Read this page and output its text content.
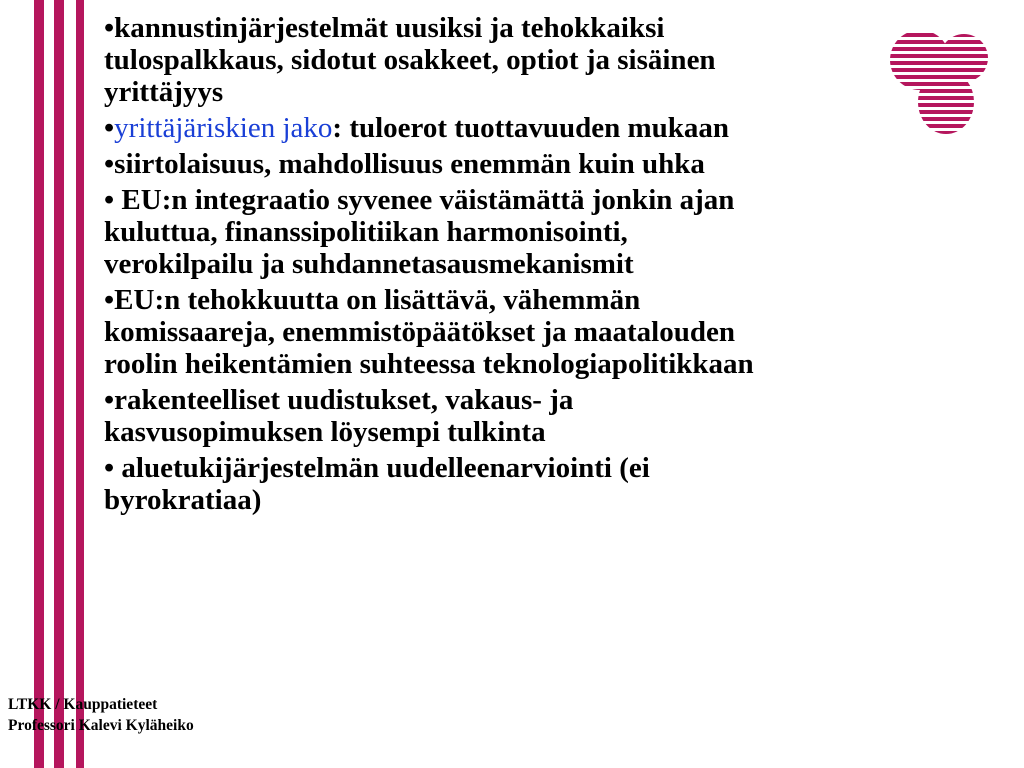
•kannustinjärjestelmät uusiksi ja tehokkaiksi
tulospalkkaus, sidotut osakkeet, optiot ja sisäinen
yrittäjyys
•yrittäjäriskien jako: tuloerot tuottavuuden mukaan
•siirtolaisuus, mahdollisuus enemmän kuin uhka
• EU:n integraatio syvenee väistämättä jonkin ajan
kuluttua, finanssipolitiikan harmonisointi,
verokilpailu ja suhdannetasausmekanismit
•EU:n tehokkuutta on lisättävä, vähemmän
komissaareja, enemmistöpäätökset ja maatalouden
roolin heikentämien suhteessa teknologiapolitikkaan
•rakenteelliset uudistukset, vakaus- ja
kasvusopimuksen löysempi tulkinta
• aluetukijärjestelmän uudelleenarviointi (ei
byrokratiaa)
LTKK / Kauppatieteet
Professori Kalevi Kyläheiko
